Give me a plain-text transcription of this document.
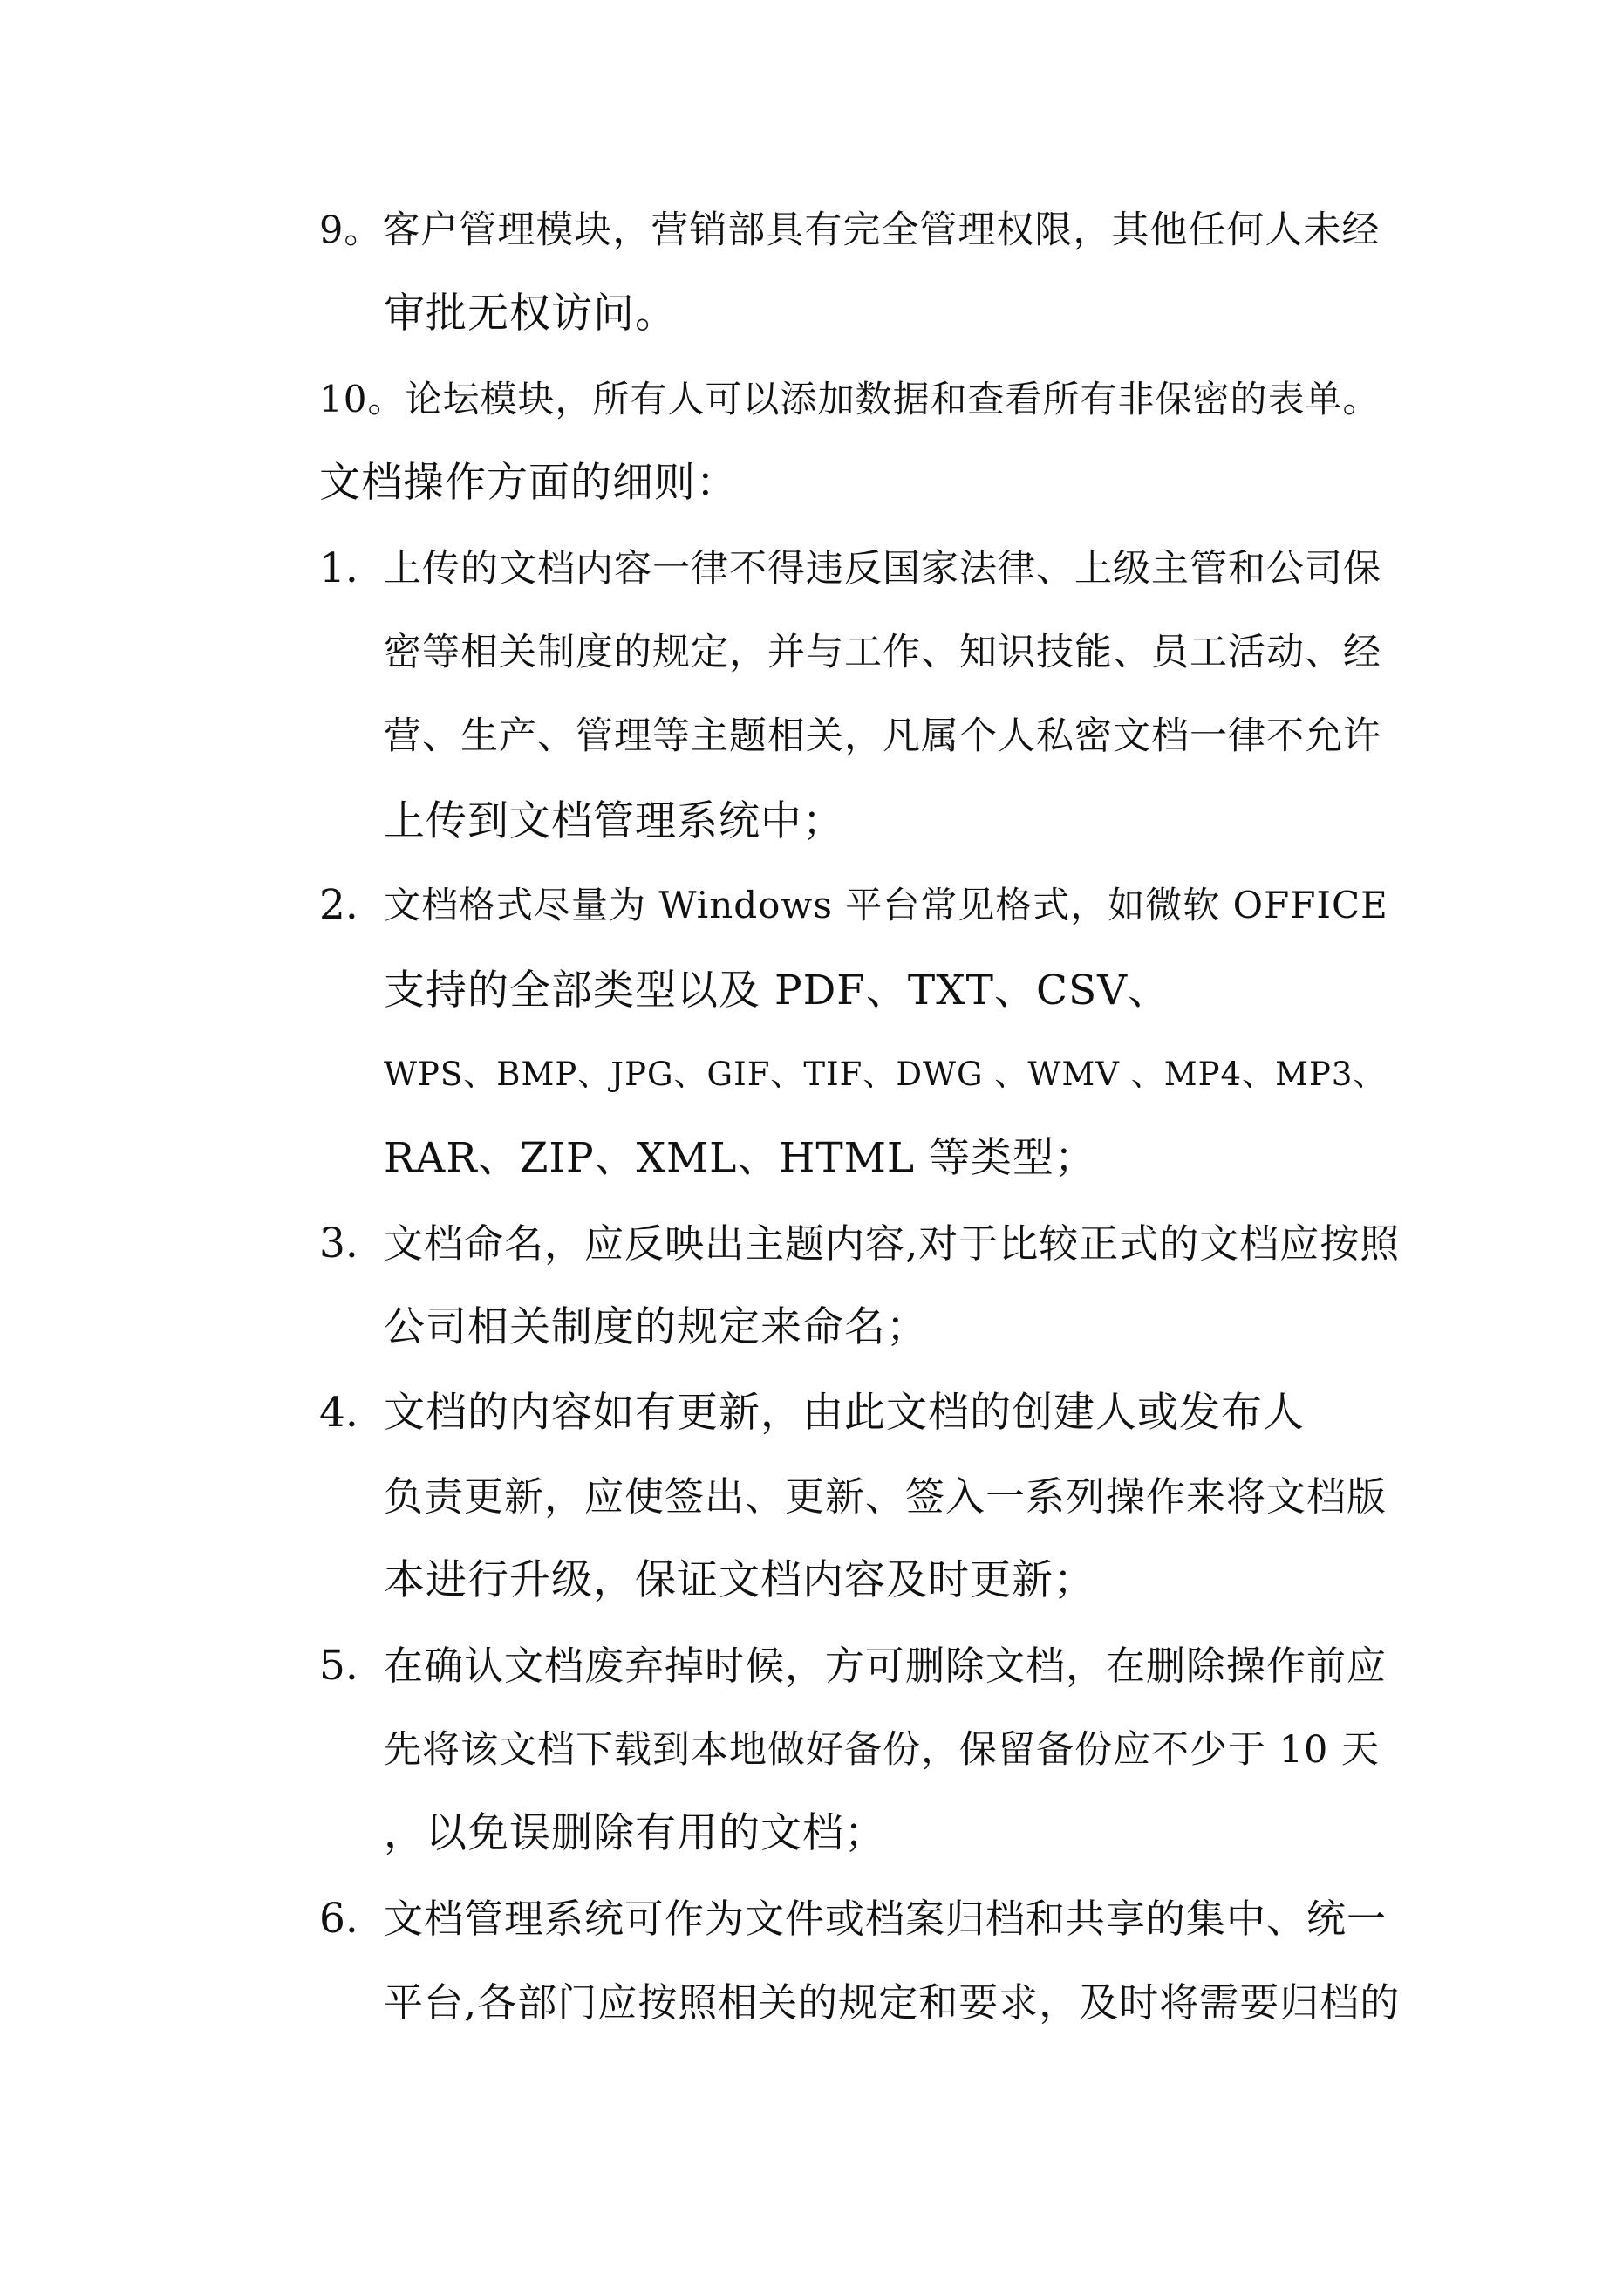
9。客户管理模块，营销部具有完全管理权限，其他任何人未经
审批无权访问。
10。论坛模块，所有人可以添加数据和查看所有非保密的表单。
文档操作方面的细则：
1. 上传的文档内容一律不得违反国家法律、上级主管和公司保
密等相关制度的规定，并与工作、知识技能、员工活动、经
营、生产、管理等主题相关，凡属个人私密文档一律不允许
上传到文档管理系统中；
2. 文档格式尽量为 Windows 平台常见格式，如微软 OFFICE
支持的全部类型以及 PDF、TXT、CSV、
WPS、BMP、JPG、GIF、TIF、DWG 、WMV 、MP4、MP3、
RAR、ZIP、XML、HTML 等类型；
3. 文档命名，应反映出主题内容,对于比较正式的文档应按照
公司相关制度的规定来命名；
4. 文档的内容如有更新，由此文档的创建人或发布人
负责更新，应使签出、更新、签入一系列操作来将文档版
本进行升级，保证文档内容及时更新；
5. 在确认文档废弃掉时候，方可删除文档，在删除操作前应
先将该文档下载到本地做好备份，保留备份应不少于 10 天
，以免误删除有用的文档；
6. 文档管理系统可作为文件或档案归档和共享的集中、统一
平台,各部门应按照相关的规定和要求，及时将需要归档的
